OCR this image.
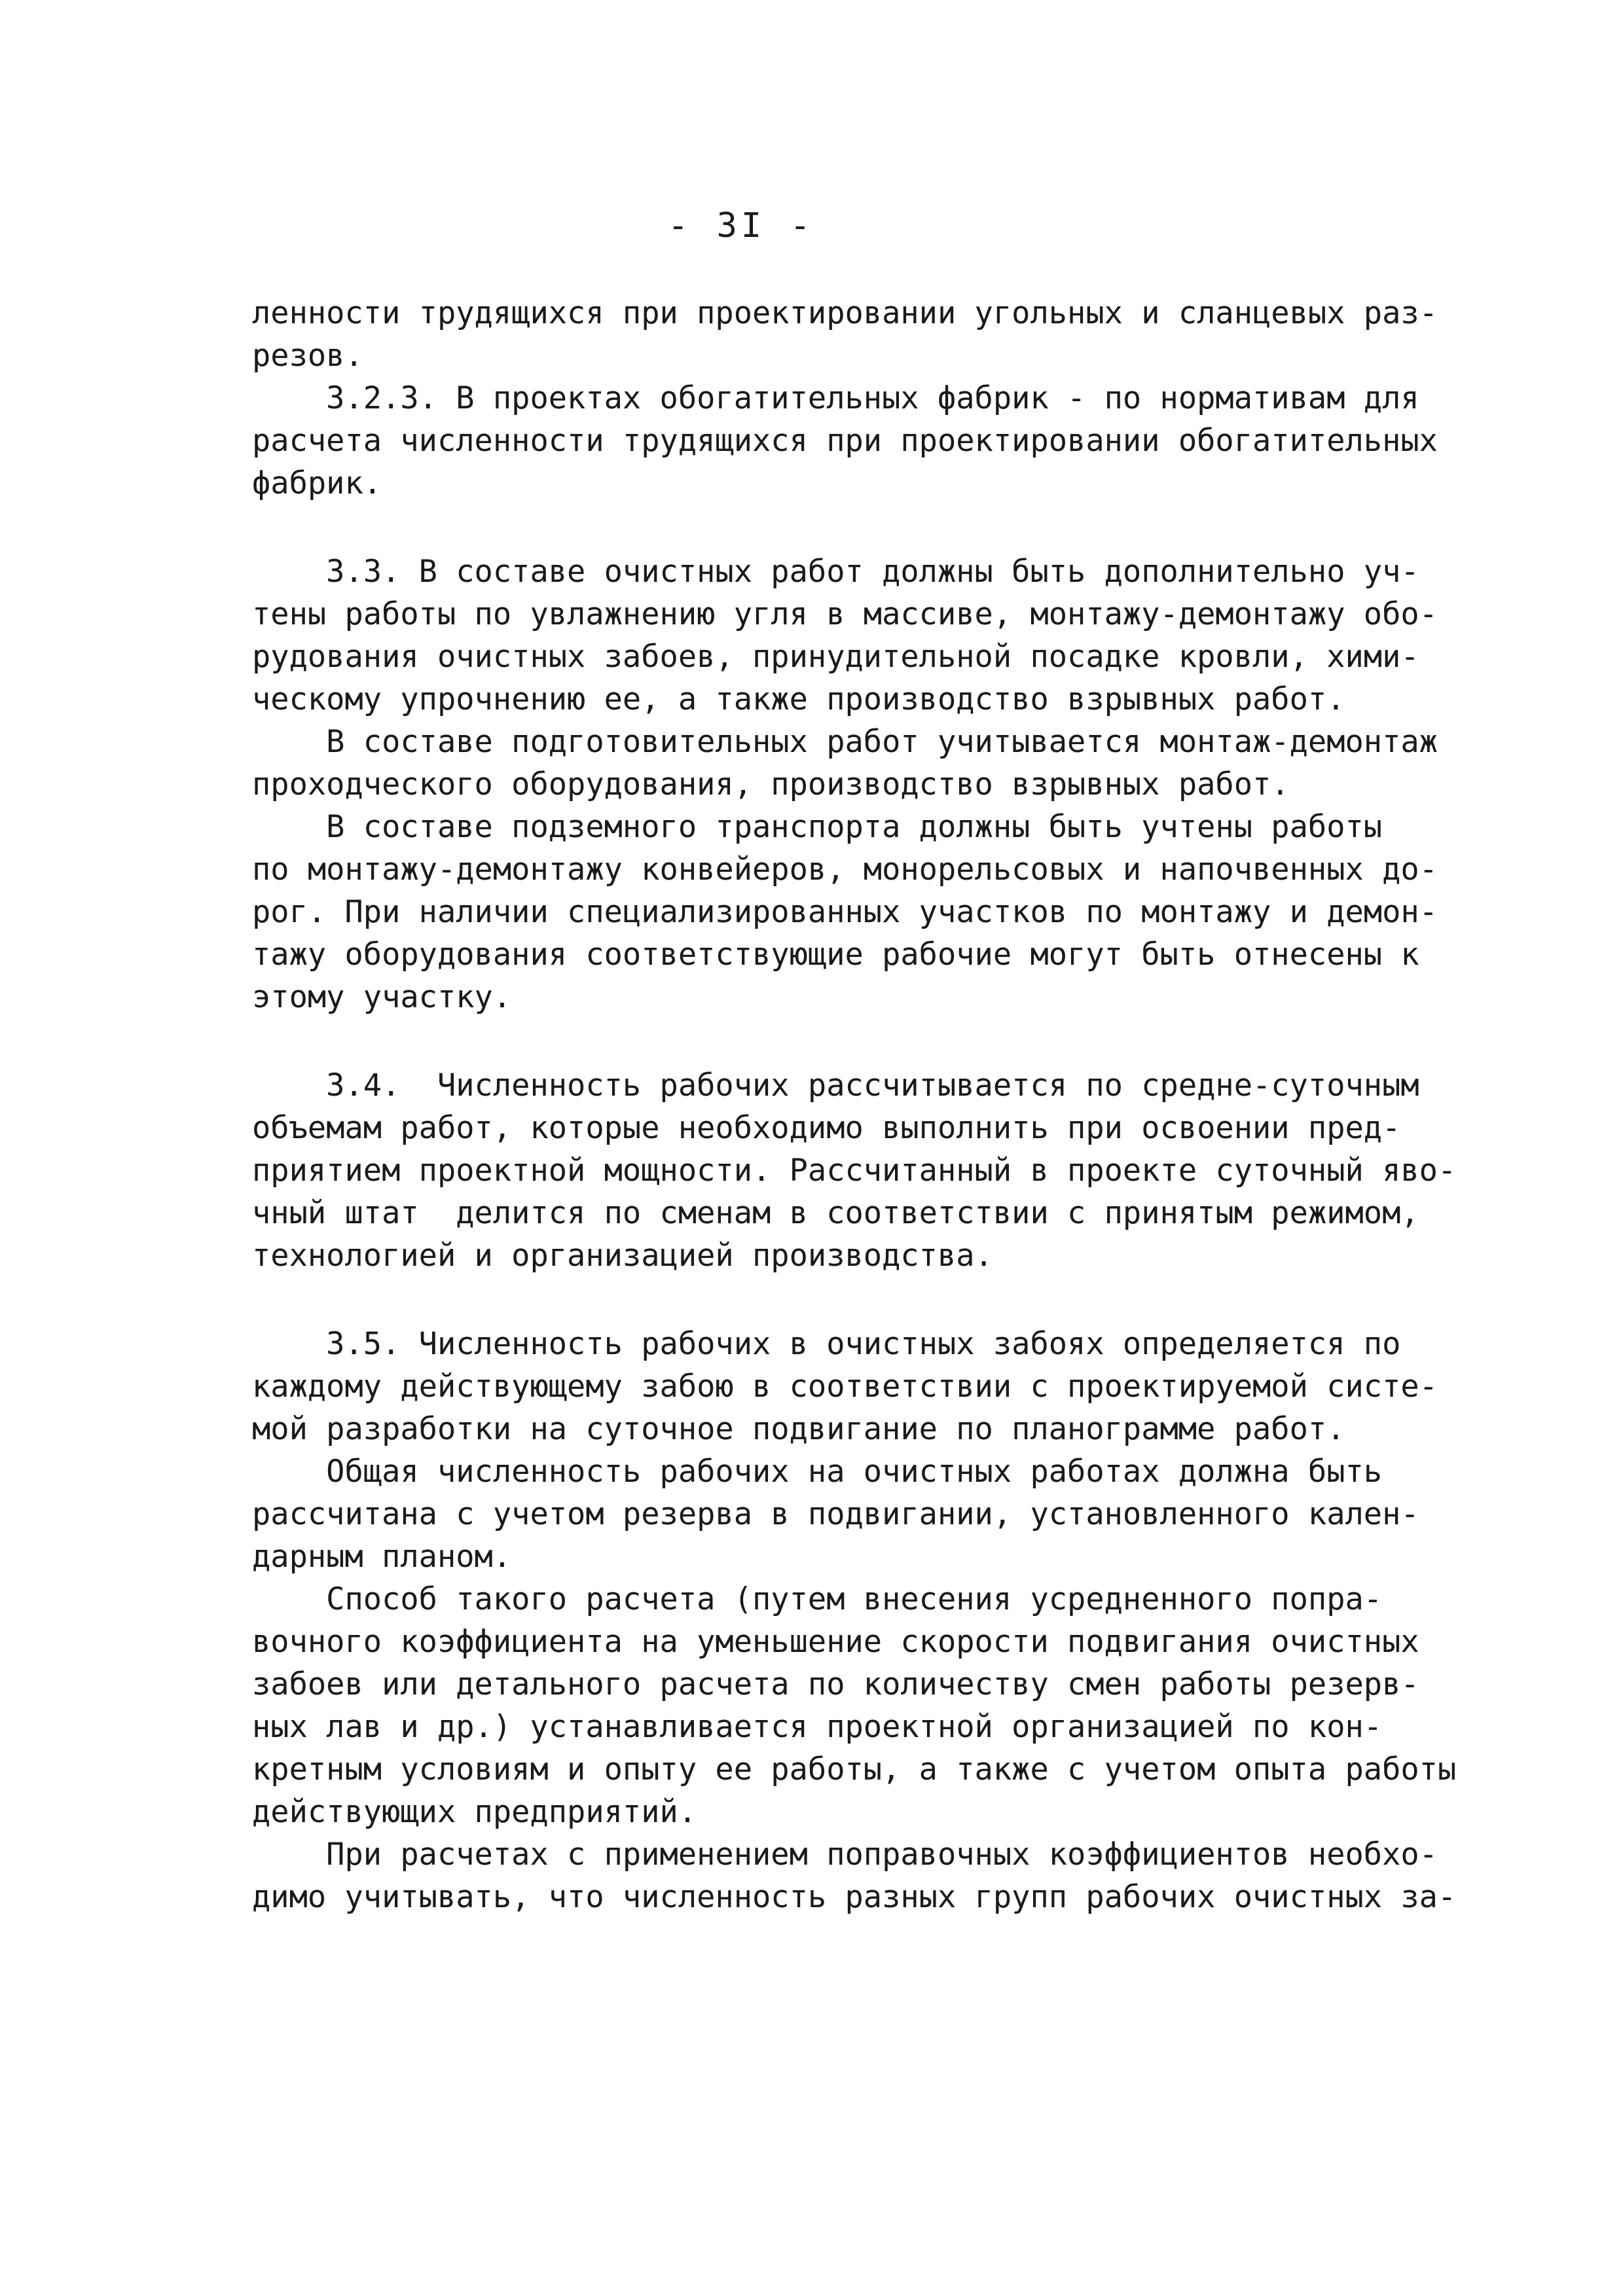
- 3I -
ленности трудящихся при проектировании угольных и сланцевых раз-
резов.
3.2.3. В проектах обогатительных фабрик - по нормативам для
расчета численности трудящихся при проектировании обогатительных
фабрик.
3.3. В составе очистных работ должны быть дополнительно уч-
тены работы по увлажнению угля в массиве, монтажу-демонтажу обо-
рудования очистных забоев, принудительной посадке кровли, хими-
ческому упрочнению ее, а также производство взрывных работ.
В составе подготовительных работ учитывается монтаж-демонтаж
проходческого оборудования, производство взрывных работ.
В составе подземного транспорта должны быть учтены работы
по монтажу-демонтажу конвейеров, монорельсовых и напочвенных до-
рог. При наличии специализированных участков по монтажу и демон-
тажу оборудования соответствующие рабочие могут быть отнесены к
этому участку.
3.4.  Численность рабочих рассчитывается по средне-суточным
объемам работ, которые необходимо выполнить при освоении пред-
приятием проектной мощности. Рассчитанный в проекте суточный яво-
чный штат  делится по сменам в соответствии с принятым режимом,
технологией и организацией производства.
3.5. Численность рабочих в очистных забоях определяется по
каждому действующему забою в соответствии с проектируемой систе-
мой разработки на суточное подвигание по планограмме работ.
Общая численность рабочих на очистных работах должна быть
рассчитана с учетом резерва в подвигании, установленного кален-
дарным планом.
Способ такого расчета (путем внесения усредненного попра-
вочного коэффициента на уменьшение скорости подвигания очистных
забоев или детального расчета по количеству смен работы резерв-
ных лав и др.) устанавливается проектной организацией по кон-
кретным условиям и опыту ее работы, а также с учетом опыта работы
действующих предприятий.
При расчетах с применением поправочных коэффициентов необхо-
димо учитывать, что численность разных групп рабочих очистных за-
